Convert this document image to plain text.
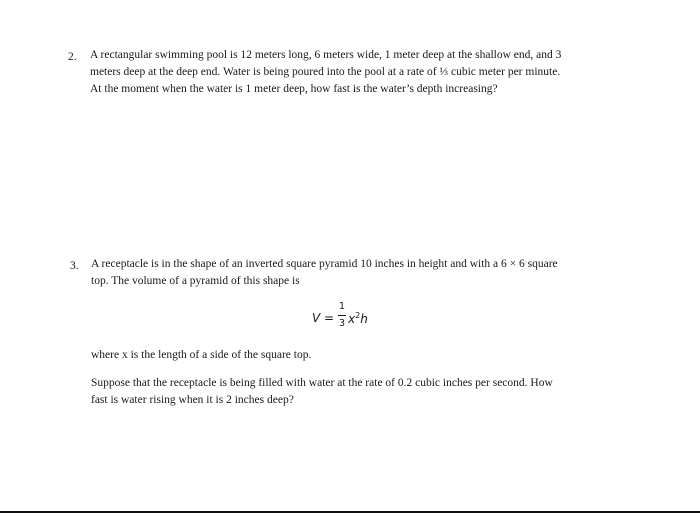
2. A rectangular swimming pool is 12 meters long, 6 meters wide, 1 meter deep at the shallow end, and 3
meters deep at the deep end. Water is being poured into the pool at a rate of ⅓ cubic meter per minute.
At the moment when the water is 1 meter deep, how fast is the water’s depth increasing?
3. A receptacle is in the shape of an inverted square pyramid 10 inches in height and with a 6 × 6 square
top. The volume of a pyramid of this shape is
V =
1
3 $x^2h$
where x is the length of a side of the square top.
Suppose that the receptacle is being filled with water at the rate of 0.2 cubic inches per second. How
fast is water rising when it is 2 inches deep?
